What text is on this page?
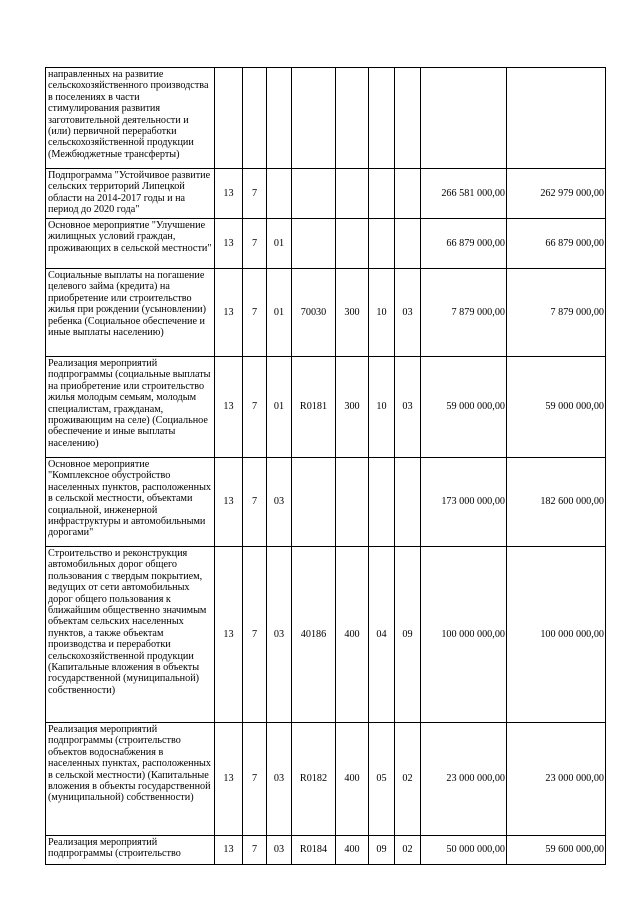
направленных на развитие сельскохозяйственного производства в поселениях в части стимулирования развития заготовительной деятельности и (или) первичной переработки сельскохозяйственной продукции (Межбюджетные трансферты)									
Подпрограмма "Устойчивое развитие сельских территорий Липецкой области на 2014-2017 годы и на период до 2020 года"	13	7						266 581 000,00	262 979 000,00
Основное мероприятие "Улучшение жилищных условий граждан, проживающих в сельской местности"	13	7	01					66 879 000,00	66 879 000,00
Социальные выплаты на погашение целевого займа (кредита) на приобретение или строительство жилья при рождении (усыновлении) ребенка (Социальное обеспечение и иные выплаты населению)	13	7	01	70030	300	10	03	7 879 000,00	7 879 000,00
Реализация мероприятий подпрограммы (социальные выплаты на приобретение или строительство жилья молодым семьям, молодым специалистам, гражданам, проживающим на селе) (Социальное обеспечение и иные выплаты населению)	13	7	01	R0181	300	10	03	59 000 000,00	59 000 000,00
Основное мероприятие "Комплексное обустройство населенных пунктов, расположенных в сельской местности, объектами социальной, инженерной инфраструктуры и автомобильными дорогами"	13	7	03					173 000 000,00	182 600 000,00
Строительство и реконструкция автомобильных дорог общего пользования с твердым покрытием, ведущих от сети автомобильных дорог общего пользования к ближайшим общественно значимым объектам сельских населенных пунктов, а также объектам производства и переработки сельскохозяйственной продукции (Капитальные вложения в объекты государственной (муниципальной) собственности)	13	7	03	40186	400	04	09	100 000 000,00	100 000 000,00
Реализация мероприятий подпрограммы (строительство объектов водоснабжения в населенных пунктах, расположенных в сельской местности) (Капитальные вложения в объекты государственной (муниципальной) собственности)	13	7	03	R0182	400	05	02	23 000 000,00	23 000 000,00
Реализация мероприятий подпрограммы (строительство	13	7	03	R0184	400	09	02	50 000 000,00	59 600 000,00
